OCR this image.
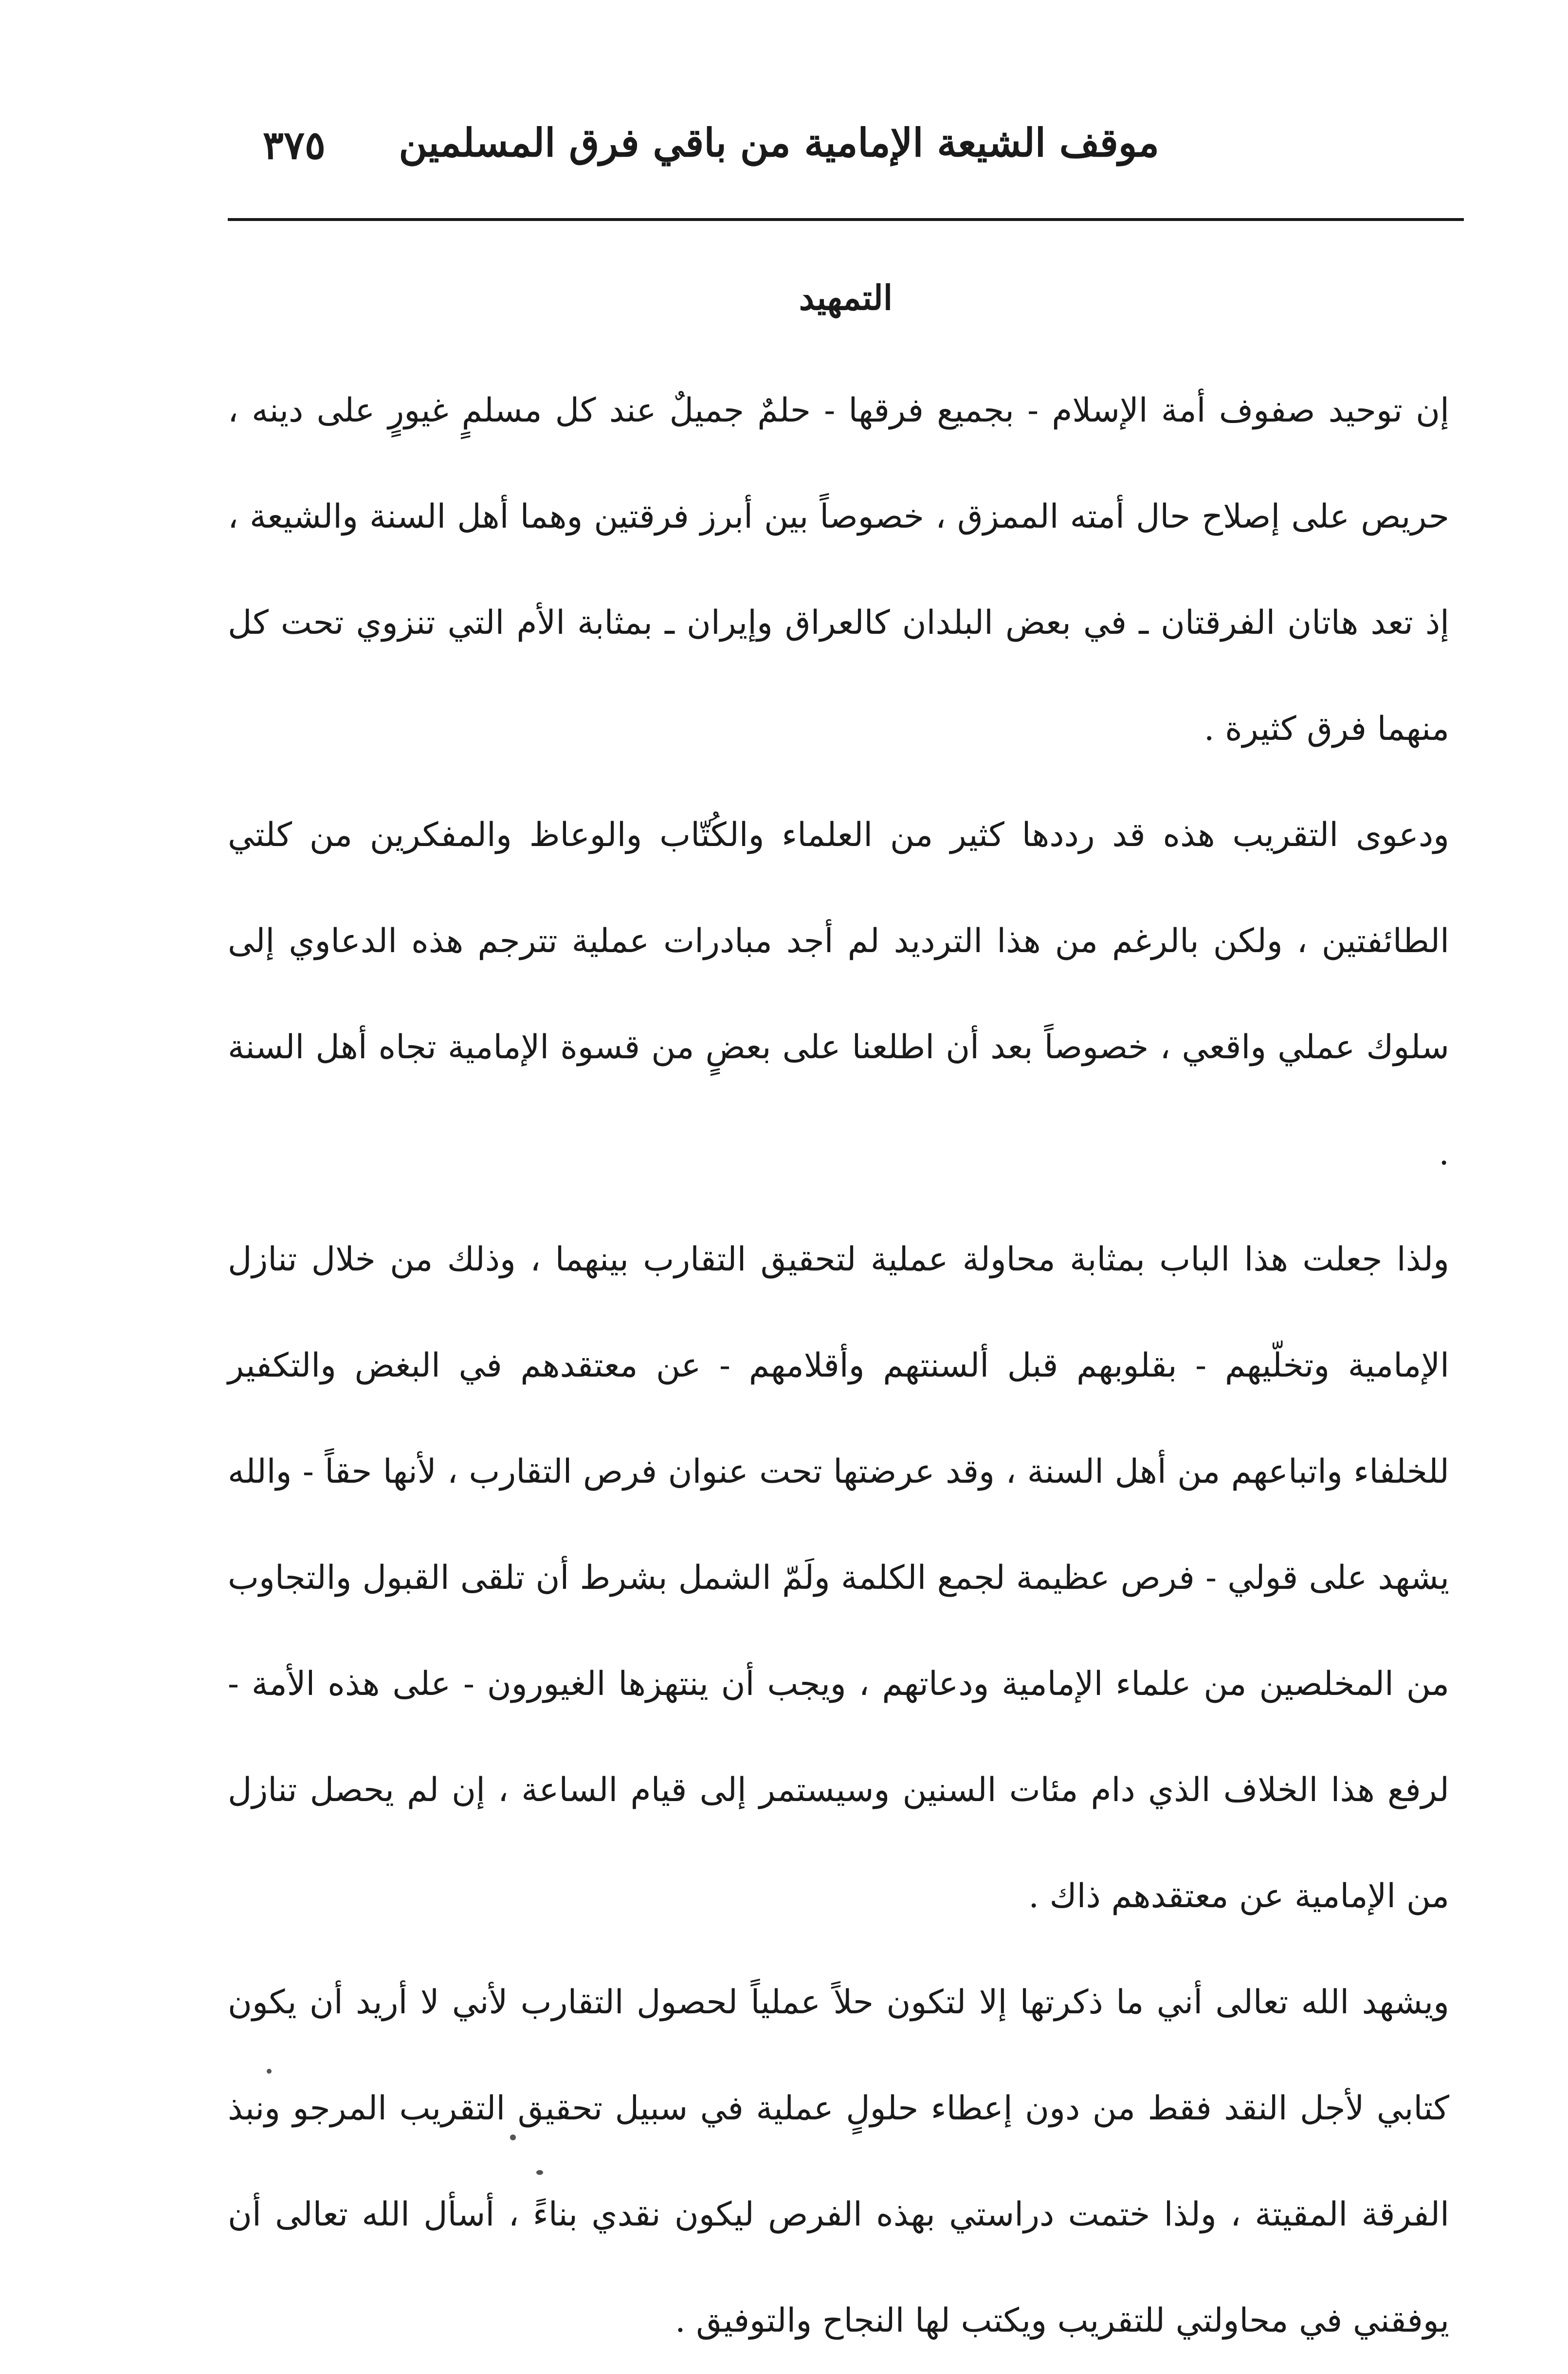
موقف الشيعة الإمامية من باقي فرق المسلمين
٣٧٥
التمهيد

إن توحيد صفوف أمة الإسلام - بجميع فرقها - حلمٌ جميلٌ عند كل مسلمٍ غيورٍ على دينه ، حريص على إصلاح حال أمته الممزق ، خصوصاً بين أبرز فرقتين وهما أهل السنة والشيعة ، إذ تعد هاتان الفرقتان ـ في بعض البلدان كالعراق وإيران ـ بمثابة الأم التي تنزوي تحت كل منهما فرق كثيرة .

ودعوى التقريب هذه قد رددها كثير من العلماء والكُتّاب والوعاظ والمفكرين من كلتي الطائفتين ، ولكن بالرغم من هذا الترديد لم أجد مبادرات عملية تترجم هذه الدعاوي إلى سلوك عملي واقعي ، خصوصاً بعد أن اطلعنا على بعضٍ من قسوة الإمامية تجاه أهل السنة .

ولذا جعلت هذا الباب بمثابة محاولة عملية لتحقيق التقارب بينهما ، وذلك من خلال تنازل الإمامية وتخلّيهم - بقلوبهم قبل ألسنتهم وأقلامهم - عن معتقدهم في البغض والتكفير للخلفاء واتباعهم من أهل السنة ، وقد عرضتها تحت عنوان فرص التقارب ، لأنها حقاً - والله يشهد على قولي - فرص عظيمة لجمع الكلمة ولَمّ الشمل بشرط أن تلقى القبول والتجاوب من المخلصين من علماء الإمامية ودعاتهم ، ويجب أن ينتهزها الغيورون - على هذه الأمة - لرفع هذا الخلاف الذي دام مئات السنين وسيستمر إلى قيام الساعة ، إن لم يحصل تنازل من الإمامية عن معتقدهم ذاك .

ويشهد الله تعالى أني ما ذكرتها إلا لتكون حلاً عملياً لحصول التقارب لأني لا أريد أن يكون كتابي لأجل النقد فقط من دون إعطاء حلولٍ عملية في سبيل تحقيق التقريب المرجو ونبذ الفرقة المقيتة ، ولذا ختمت دراستي بهذه الفرص ليكون نقدي بناءً ، أسأل الله تعالى أن يوفقني في محاولتي للتقريب ويكتب لها النجاح والتوفيق .
